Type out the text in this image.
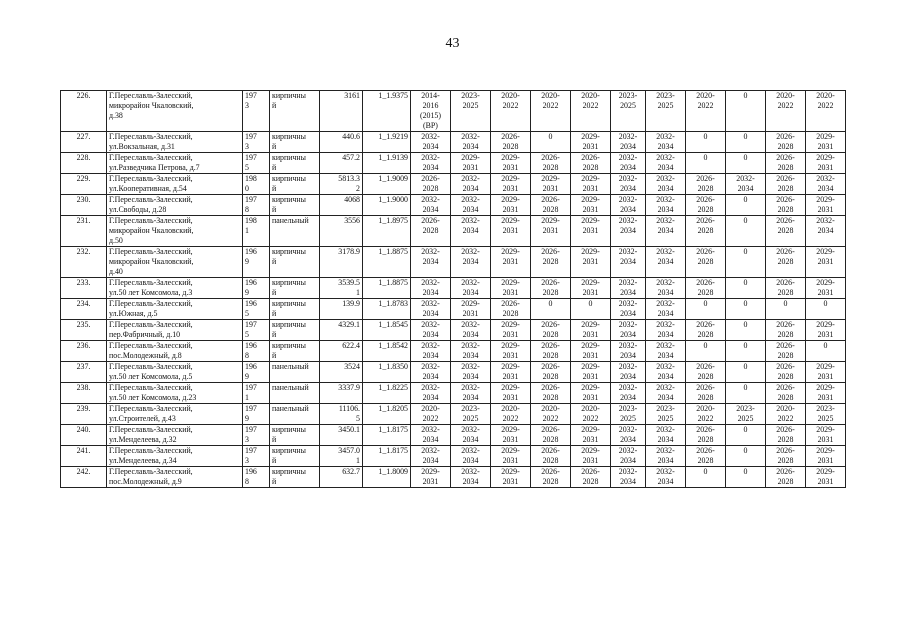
43
226.	Г.Переславль-Залесский,
микрорайон Чкаловский,
д.38	197
3	кирпичны
й	3161	1_1.9375	2014-
2016
(2015)
(ВР)	2023-
2025	2020-
2022	2020-
2022	2020-
2022	2023-
2025	2023-
2025	2020-
2022	0	2020-
2022	2020-
2022
227.	Г.Переславль-Залесский,
ул.Вокзальная, д.31	197
3	кирпичны
й	440.6	1_1.9219	2032-
2034	2032-
2034	2026-
2028	0	2029-
2031	2032-
2034	2032-
2034	0	0	2026-
2028	2029-
2031
228.	Г.Переславль-Залесский,
ул.Разведчика Петрова, д.7	197
5	кирпичны
й	457.2	1_1.9139	2032-
2034	2029-
2031	2029-
2031	2026-
2028	2026-
2028	2032-
2034	2032-
2034	0	0	2026-
2028	2029-
2031
229.	Г.Переславль-Залесский,
ул.Кооперативная, д.54	198
0	кирпичны
й	5813.3
2	1_1.9009	2026-
2028	2032-
2034	2029-
2031	2029-
2031	2029-
2031	2032-
2034	2032-
2034	2026-
2028	2032-
2034	2026-
2028	2032-
2034
230.	Г.Переславль-Залесский,
ул.Свободы, д.28	197
8	кирпичны
й	4068	1_1.9000	2032-
2034	2032-
2034	2029-
2031	2026-
2028	2029-
2031	2032-
2034	2032-
2034	2026-
2028	0	2026-
2028	2029-
2031
231.	Г.Переславль-Залесский,
микрорайон Чкаловский,
д.50	198
1	панельный	3556	1_1.8975	2026-
2028	2032-
2034	2029-
2031	2029-
2031	2029-
2031	2032-
2034	2032-
2034	2026-
2028	0	2026-
2028	2032-
2034
232.	Г.Переславль-Залесский,
микрорайон Чкаловский,
д.40	196
9	кирпичны
й	3178.9	1_1.8875	2032-
2034	2032-
2034	2029-
2031	2026-
2028	2029-
2031	2032-
2034	2032-
2034	2026-
2028	0	2026-
2028	2029-
2031
233.	Г.Переславль-Залесский,
ул.50 лет Комсомола, д.3	196
9	кирпичны
й	3539.5
1	1_1.8875	2032-
2034	2032-
2034	2029-
2031	2026-
2028	2029-
2031	2032-
2034	2032-
2034	2026-
2028	0	2026-
2028	2029-
2031
234.	Г.Переславль-Залесский,
ул.Южная, д.5	196
5	кирпичны
й	139.9	1_1.8783	2032-
2034	2029-
2031	2026-
2028	0	0	2032-
2034	2032-
2034	0	0	0	0
235.	Г.Переславль-Залесский,
пер.Фабричный, д.10	197
5	кирпичны
й	4329.1	1_1.8545	2032-
2034	2032-
2034	2029-
2031	2026-
2028	2029-
2031	2032-
2034	2032-
2034	2026-
2028	0	2026-
2028	2029-
2031
236.	Г.Переславль-Залесский,
пос.Молодежный, д.8	196
8	кирпичны
й	622.4	1_1.8542	2032-
2034	2032-
2034	2029-
2031	2026-
2028	2029-
2031	2032-
2034	2032-
2034	0	0	2026-
2028	0
237.	Г.Переславль-Залесский,
ул.50 лет Комсомола, д.5	196
9	панельный	3524	1_1.8350	2032-
2034	2032-
2034	2029-
2031	2026-
2028	2029-
2031	2032-
2034	2032-
2034	2026-
2028	0	2026-
2028	2029-
2031
238.	Г.Переславль-Залесский,
ул.50 лет Комсомола, д.23	197
1	панельный	3337.9	1_1.8225	2032-
2034	2032-
2034	2029-
2031	2026-
2028	2029-
2031	2032-
2034	2032-
2034	2026-
2028	0	2026-
2028	2029-
2031
239.	Г.Переславль-Залесский,
ул.Строителей, д.43	197
9	панельный	11106.
5	1_1.8205	2020-
2022	2023-
2025	2020-
2022	2020-
2022	2020-
2022	2023-
2025	2023-
2025	2020-
2022	2023-
2025	2020-
2022	2023-
2025
240.	Г.Переславль-Залесский,
ул.Менделеева, д.32	197
3	кирпичны
й	3450.1	1_1.8175	2032-
2034	2032-
2034	2029-
2031	2026-
2028	2029-
2031	2032-
2034	2032-
2034	2026-
2028	0	2026-
2028	2029-
2031
241.	Г.Переславль-Залесский,
ул.Менделеева, д.34	197
3	кирпичны
й	3457.0
1	1_1.8175	2032-
2034	2032-
2034	2029-
2031	2026-
2028	2029-
2031	2032-
2034	2032-
2034	2026-
2028	0	2026-
2028	2029-
2031
242.	Г.Переславль-Залесский,
пос.Молодежный, д.9	196
8	кирпичны
й	632.7	1_1.8009	2029-
2031	2032-
2034	2029-
2031	2026-
2028	2026-
2028	2032-
2034	2032-
2034	0	0	2026-
2028	2029-
2031
